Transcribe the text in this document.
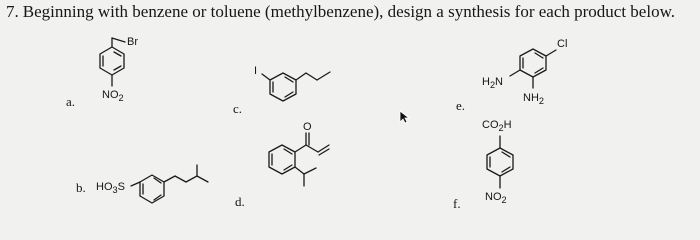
7. Beginning with benzene or toluene (methylbenzene), design a synthesis for each product below.
a.
b.
c.
d.
e.
f.
Br
$NO_2$
$HO_3S$
I
O
Cl
$H_2N$
$NH_2$
$CO_2H$
$NO_2$
